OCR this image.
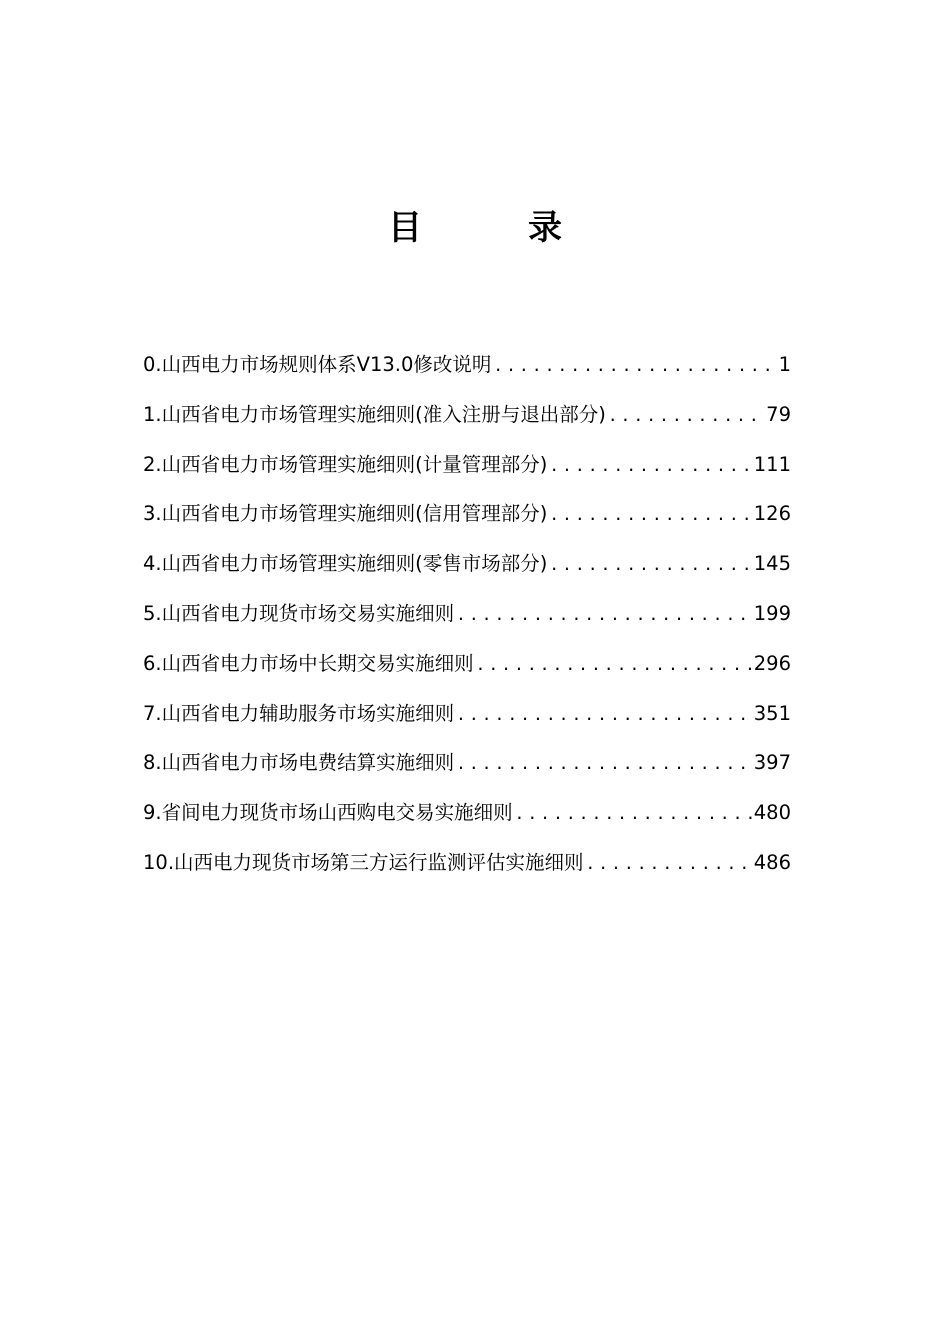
目　录
0.山西电力市场规则体系V13.0修改说明 .....	1
1.山西省电力市场管理实施细则(准入注册与退出部分) .....	79
2.山西省电力市场管理实施细则(计量管理部分) .....	111
3.山西省电力市场管理实施细则(信用管理部分) .....	126
4.山西省电力市场管理实施细则(零售市场部分) .....	145
5.山西省电力现货市场交易实施细则 .....	199
6.山西省电力市场中长期交易实施细则 .....	296
7.山西省电力辅助服务市场实施细则 .....	351
8.山西省电力市场电费结算实施细则 .....	397
9.省间电力现货市场山西购电交易实施细则 .....	480
10.山西电力现货市场第三方运行监测评估实施细则 .....	486
